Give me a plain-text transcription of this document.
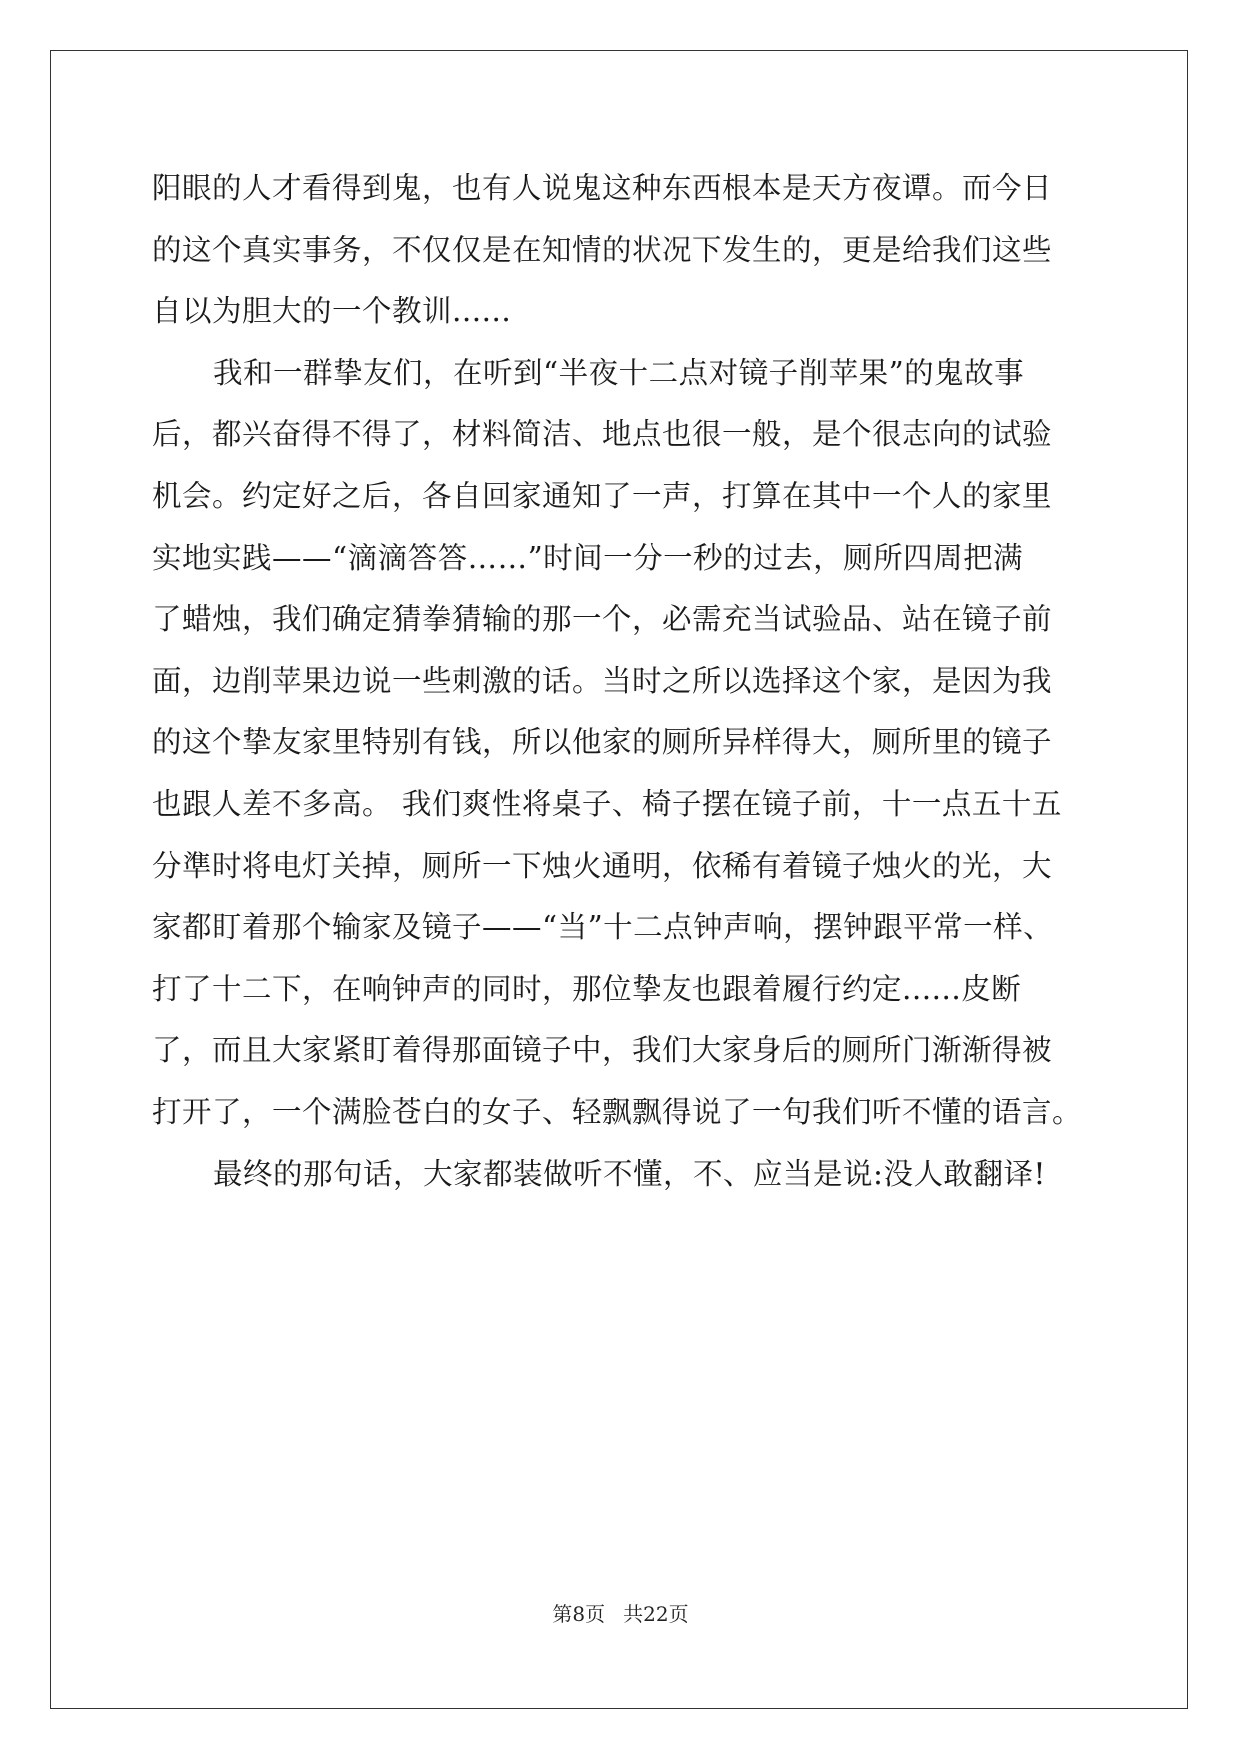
阳眼的人才看得到鬼，也有人说鬼这种东西根本是天方夜谭。而今日
的这个真实事务，不仅仅是在知情的状况下发生的，更是给我们这些
自以为胆大的一个教训......

我和一群挚友们，在听到“半夜十二点对镜子削苹果”的鬼故事
后，都兴奋得不得了，材料简洁、地点也很一般，是个很志向的试验
机会。约定好之后，各自回家通知了一声，打算在其中一个人的家里
实地实践——“滴滴答答……”时间一分一秒的过去，厕所四周把满
了蜡烛，我们确定猜拳猜输的那一个，必需充当试验品、站在镜子前
面，边削苹果边说一些刺激的话。当时之所以选择这个家，是因为我
的这个挚友家里特别有钱，所以他家的厕所异样得大，厕所里的镜子
也跟人差不多高。 我们爽性将桌子、椅子摆在镜子前，十一点五十五
分準时将电灯关掉，厕所一下烛火通明，依稀有着镜子烛火的光，大
家都盯着那个输家及镜子——“当”十二点钟声响，摆钟跟平常一样、
打了十二下，在响钟声的同时，那位挚友也跟着履行约定......皮断
了，而且大家紧盯着得那面镜子中，我们大家身后的厕所门渐渐得被
打开了，一个满脸苍白的女子、轻飘飘得说了一句我们听不懂的语言。

最终的那句话，大家都装做听不懂，不、应当是说:没人敢翻译!

第8页 共22页
